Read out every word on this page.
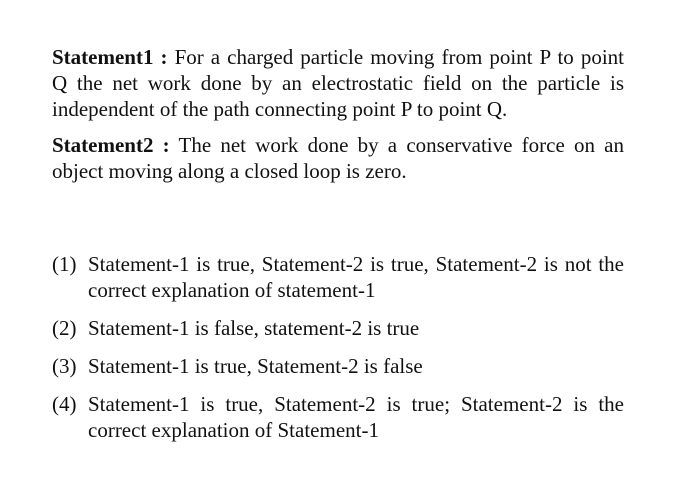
Statement1 : For a charged particle moving from point P to point Q the net work done by an electrostatic field on the particle is independent of the path connecting point P to point Q.

Statement2 : The net work done by a conservative force on an object moving along a closed loop is zero.

(1) Statement-1 is true, Statement-2 is true, Statement-2 is not the correct explanation of statement-1
(2) Statement-1 is false, statement-2 is true
(3) Statement-1 is true, Statement-2 is false
(4) Statement-1 is true, Statement-2 is true; Statement-2 is the correct explanation of Statement-1
